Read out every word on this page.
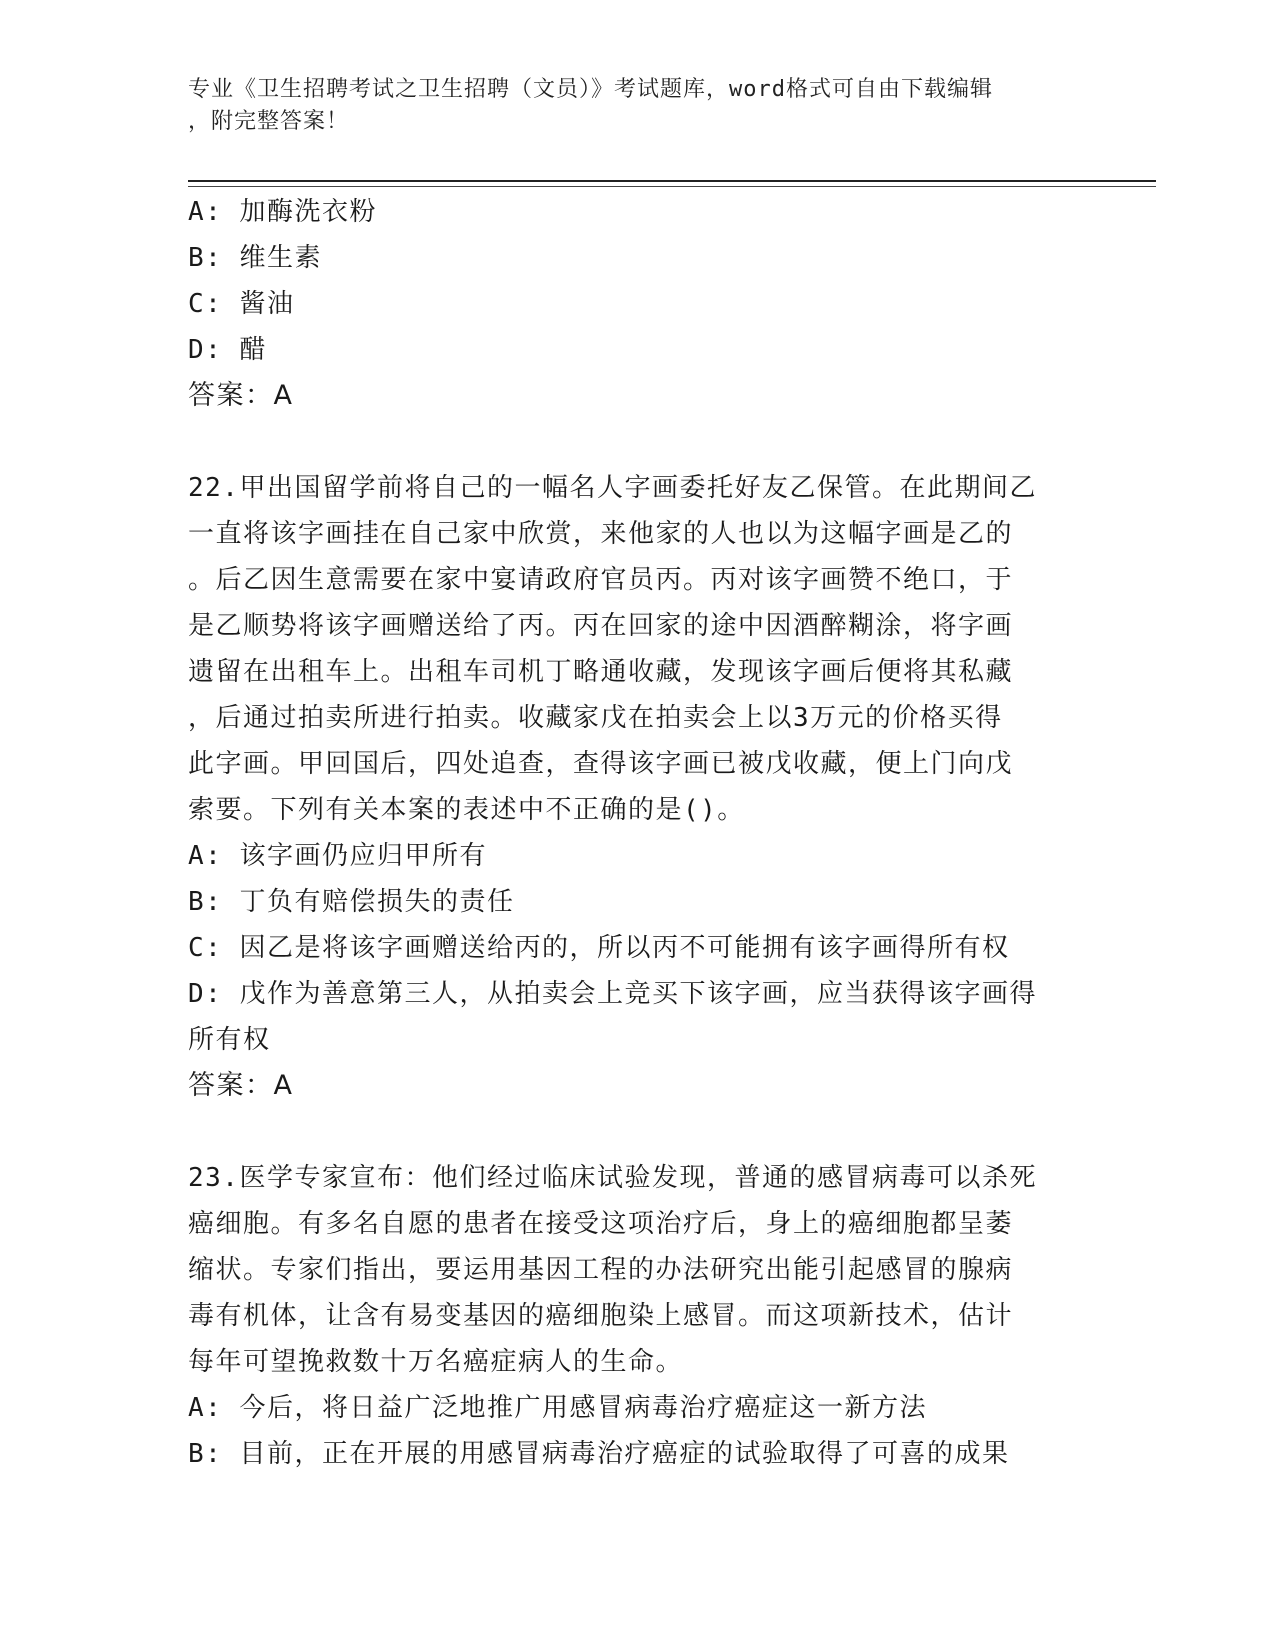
专业《卫生招聘考试之卫生招聘（文员）》考试题库，word格式可自由下载编辑

，附完整答案！

A: 加酶洗衣粉

B: 维生素

C: 酱油

D: 醋

答案：A

22.甲出国留学前将自己的一幅名人字画委托好友乙保管。在此期间乙

一直将该字画挂在自己家中欣赏，来他家的人也以为这幅字画是乙的

。后乙因生意需要在家中宴请政府官员丙。丙对该字画赞不绝口，于

是乙顺势将该字画赠送给了丙。丙在回家的途中因酒醉糊涂，将字画

遗留在出租车上。出租车司机丁略通收藏，发现该字画后便将其私藏

，后通过拍卖所进行拍卖。收藏家戊在拍卖会上以3万元的价格买得

此字画。甲回国后，四处追查，查得该字画已被戊收藏，便上门向戊

索要。下列有关本案的表述中不正确的是()。

A: 该字画仍应归甲所有

B: 丁负有赔偿损失的责任

C: 因乙是将该字画赠送给丙的，所以丙不可能拥有该字画得所有权

D: 戊作为善意第三人，从拍卖会上竞买下该字画，应当获得该字画得

所有权

答案：A

23.医学专家宣布：他们经过临床试验发现，普通的感冒病毒可以杀死

癌细胞。有多名自愿的患者在接受这项治疗后，身上的癌细胞都呈萎

缩状。专家们指出，要运用基因工程的办法研究出能引起感冒的腺病

毒有机体，让含有易变基因的癌细胞染上感冒。而这项新技术，估计

每年可望挽救数十万名癌症病人的生命。

A: 今后，将日益广泛地推广用感冒病毒治疗癌症这一新方法

B: 目前，正在开展的用感冒病毒治疗癌症的试验取得了可喜的成果
